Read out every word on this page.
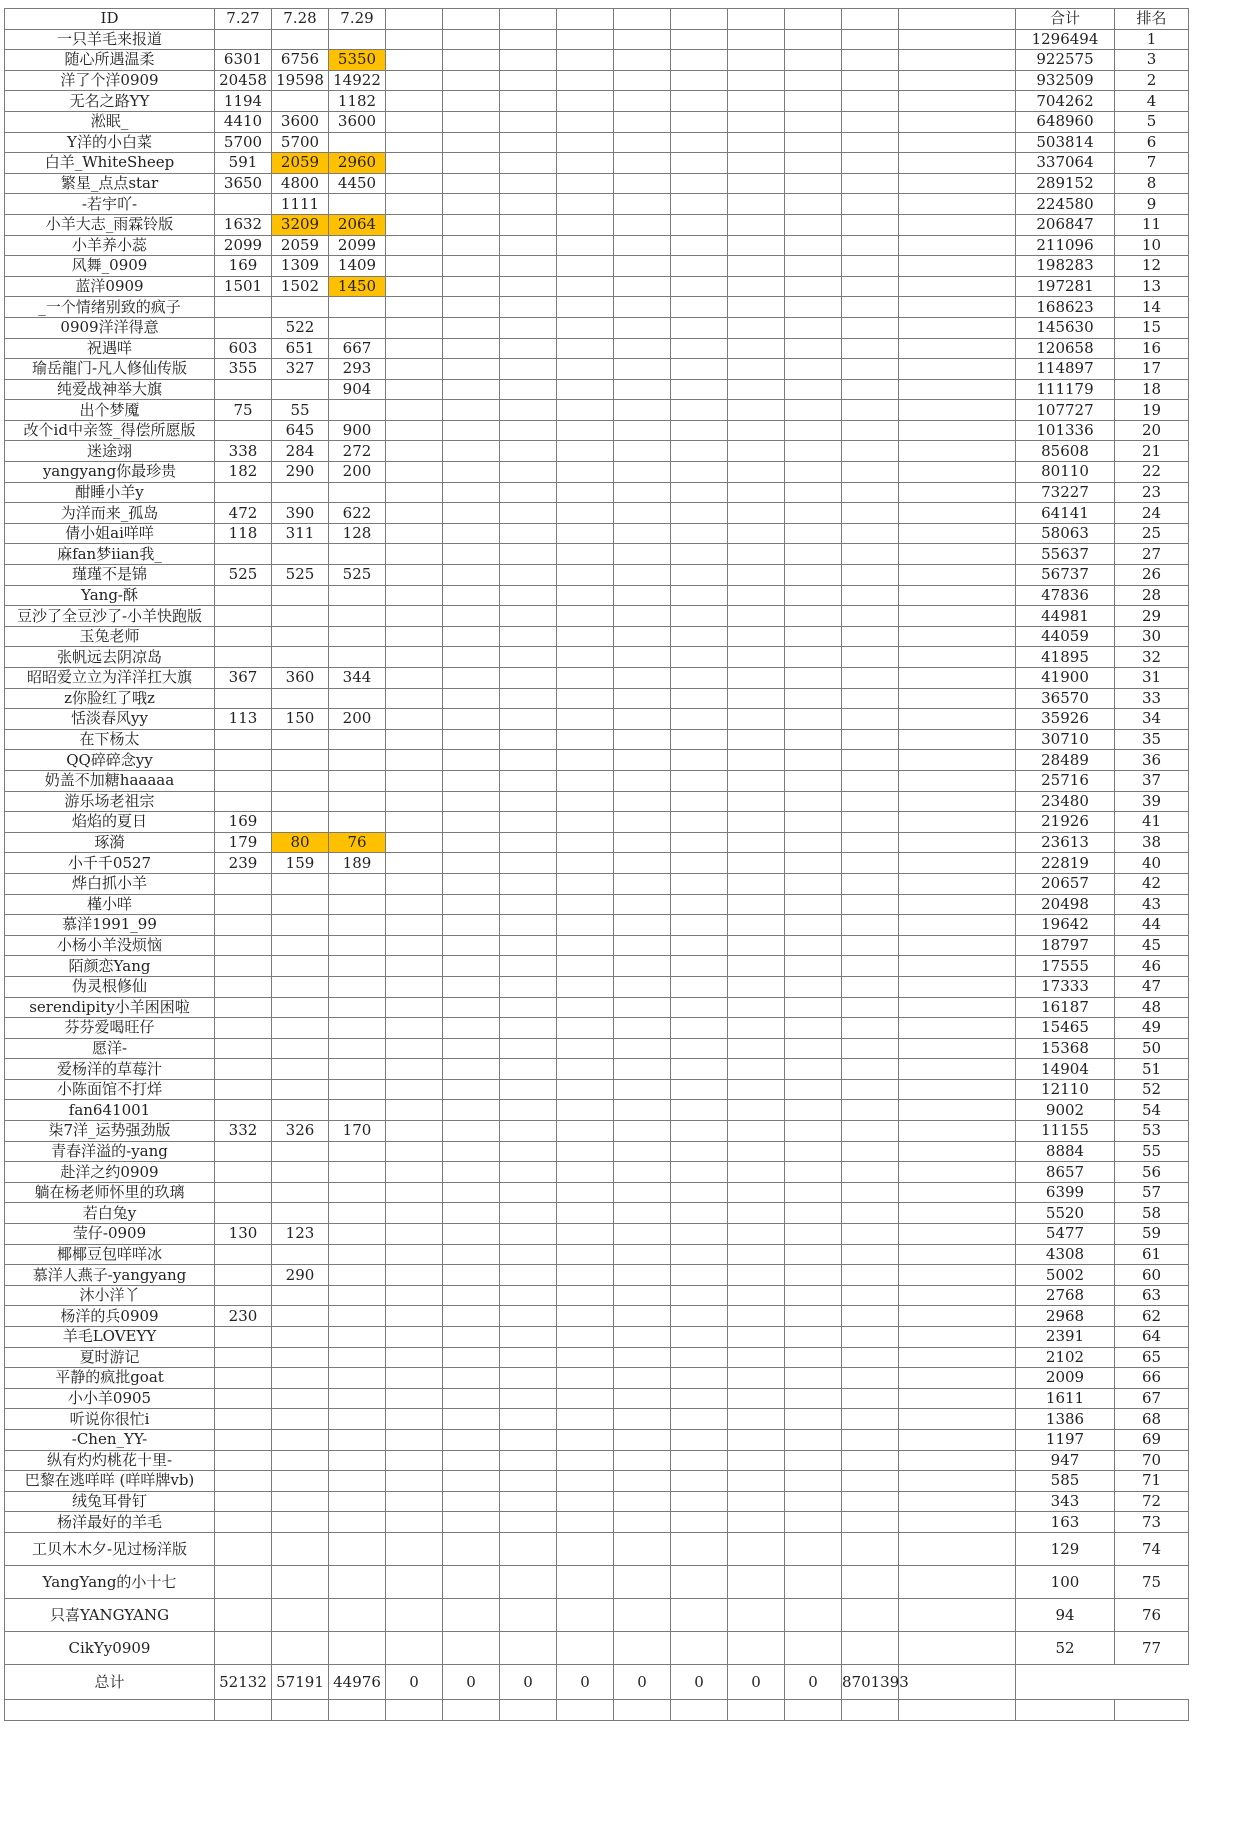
ID	7.27	7.28	7.29											合计	排名
一只羊毛来报道														1296494	1
随心所遇温柔	6301	6756	5350											922575	3
洋了个洋0909	20458	19598	14922											932509	2
无名之路YY	1194		1182											704262	4
淞眠_	4410	3600	3600											648960	5
Y洋的小白菜	5700	5700												503814	6
白羊_WhiteSheep	591	2059	2960											337064	7
繁星_点点star	3650	4800	4450											289152	8
-若宇吖-		1111												224580	9
小羊大志_雨霖铃版	1632	3209	2064											206847	11
小羊养小蕊	2099	2059	2099											211096	10
风舞_0909	169	1309	1409											198283	12
蓝洋0909	1501	1502	1450											197281	13
_一个情绪别致的疯子														168623	14
0909洋洋得意		522												145630	15
祝遇咩	603	651	667											120658	16
瑜岳龍门-凡人修仙传版	355	327	293											114897	17
纯爱战神举大旗			904											111179	18
出个梦魇	75	55												107727	19
改个id中亲签_得偿所愿版		645	900											101336	20
迷途翊	338	284	272											85608	21
yangyang你最珍贵	182	290	200											80110	22
酣睡小羊y														73227	23
为洋而来_孤岛	472	390	622											64141	24
倩小姐ai咩咩	118	311	128											58063	25
麻fan梦iian我_														55637	27
瑾瑾不是锦	525	525	525											56737	26
Yang-酥														47836	28
豆沙了全豆沙了-小羊快跑版														44981	29
玉兔老师														44059	30
张帆远去阴凉岛														41895	32
昭昭爱立立为洋洋扛大旗	367	360	344											41900	31
z你脸红了哦z														36570	33
恬淡春风yy	113	150	200											35926	34
在下杨太														30710	35
QQ碎碎念yy														28489	36
奶盖不加糖haaaaa														25716	37
游乐场老祖宗														23480	39
焰焰的夏日	169													21926	41
琢漪	179	80	76											23613	38
小千千0527	239	159	189											22819	40
烨白抓小羊														20657	42
槿小咩														20498	43
慕洋1991_99														19642	44
小杨小羊没烦恼														18797	45
陌颜恋Yang														17555	46
伪灵根修仙														17333	47
serendipity小羊困困啦														16187	48
芬芬爱喝旺仔														15465	49
愿洋-														15368	50
爱杨洋的草莓汁														14904	51
小陈面馆不打烊														12110	52
fan641001														9002	54
柒7洋_运势强劲版	332	326	170											11155	53
青春洋溢的-yang														8884	55
赴洋之约0909														8657	56
躺在杨老师怀里的玖璃														6399	57
若白兔y														5520	58
莹仔-0909	130	123												5477	59
椰椰豆包咩咩冰														4308	61
慕洋人燕子-yangyang		290												5002	60
沐小洋丫														2768	63
杨洋的兵0909	230													2968	62
羊毛LOVEYY														2391	64
夏时游记														2102	65
平静的疯批goat														2009	66
小小羊0905														1611	67
听说你很忙i														1386	68
-Chen_YY-														1197	69
纵有灼灼桃花十里-														947	70
巴黎在逃咩咩 (咩咩牌vb)														585	71
绒兔耳骨钉														343	72
杨洋最好的羊毛														163	73
工贝木木夕-见过杨洋版														129	74
YangYang的小十七														100	75
只喜YANGYANG														94	76
CikYy0909														52	77
总计	52132	57191	44976	0	0	0	0	0	0	0	0	8701393			
